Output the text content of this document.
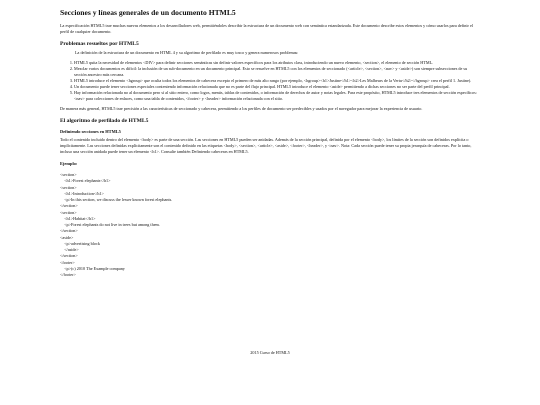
Secciones y líneas generales de un documento HTML5

La especificación HTML5 trae muchas nuevas elementos a los desarrolladores web, permitiéndoles describir la estructura de un documento web con semántica estandarizada. Este documento describe estos elementos y cómo usarlos para definir el perfil de cualquier documento.

Problemas resueltos por HTML5

La definición de la estructura de un documento en HTML 4 y su algoritmo de perfilado es muy tosco y genera numerosos problemas:

1. HTML5 quita la necesidad de elementos <DIV> para definir secciones semánticas sin definir valores específicos para los atributos class, introduciendo un nuevo elemento, <section>, el elemento de sección HTML.
2. Mezclar varios documentos es difícil: la inclusión de un sub-documento en un documento principal. Esto se resuelve en HTML5 con los elementos de seccionado (<article>, <section>, <nav> y <aside>) son siempre subsecciones de su sección ancestro más cercana.
3. HTML5 introduce el elemento <hgroup> que oculta todos los elementos de cabecera excepto el primero de más alto rango (por ejemplo, <hgroup><h1>Justine</h1><h2>Les Malheurs de la Vertu</h2></hgroup> crea el perfil 1. Justine).
4. Un documento puede tener secciones especiales conteniendo información relacionada que no es parte del flujo principal. HTML5 introduce el elemento <aside> permitiendo a dichas secciones no ser parte del perfil principal.
5. Hay información relacionada no al documento pero sí al sitio entero, como logos, menús, tablas de contenidos, o información de derechos de autor y notas legales. Para este propósito, HTML5 introduce tres elementos de sección específicos: <nav> para colecciones de enlaces, como una tabla de contenidos, <footer> y <header> información relacionada con el sitio.

De manera más general, HTML5 trae precisión a las características de seccionado y cabecera, permitiendo a los perfiles de documento ser predecibles y usados por el navegador para mejorar la experiencia de usuario.

El algoritmo de perfilado de HTML5
Definiendo secciones en HTML5

Todo el contenido incluido dentro del elemento <body> es parte de una sección. Las secciones en HTML5 pueden ser anidadas. Además de la sección principal, definida por el elemento <body>, los límites de la sección son definidos explícita o implícitamente. Las secciones definidas explícitamente son el contenido definido en las etiquetas <body>, <section>, <article>, <aside>, <footer>, <header>, y <nav>. Nota: Cada sección puede tener su propia jerarquía de cabeceras. Por lo tanto, incluso una sección anidada puede tener un elemento <h1>. Consulte también Definiendo cabeceras en HTML5.

Ejemplo:
<section>
<h1>Forest elephants</h1>
<section>
<h1>Introduction</h1>
<p>In this section, we discuss the lesser known forest elephants.
</section>
<section>
<h1>Habitat</h1>
<p>Forest elephants do not live in trees but among them.
</section>
<aside>
<p>advertising block
</aside>
</section>
<footer>
<p>(c) 2010 The Example company
</footer>
2015 Curso de HTML5
